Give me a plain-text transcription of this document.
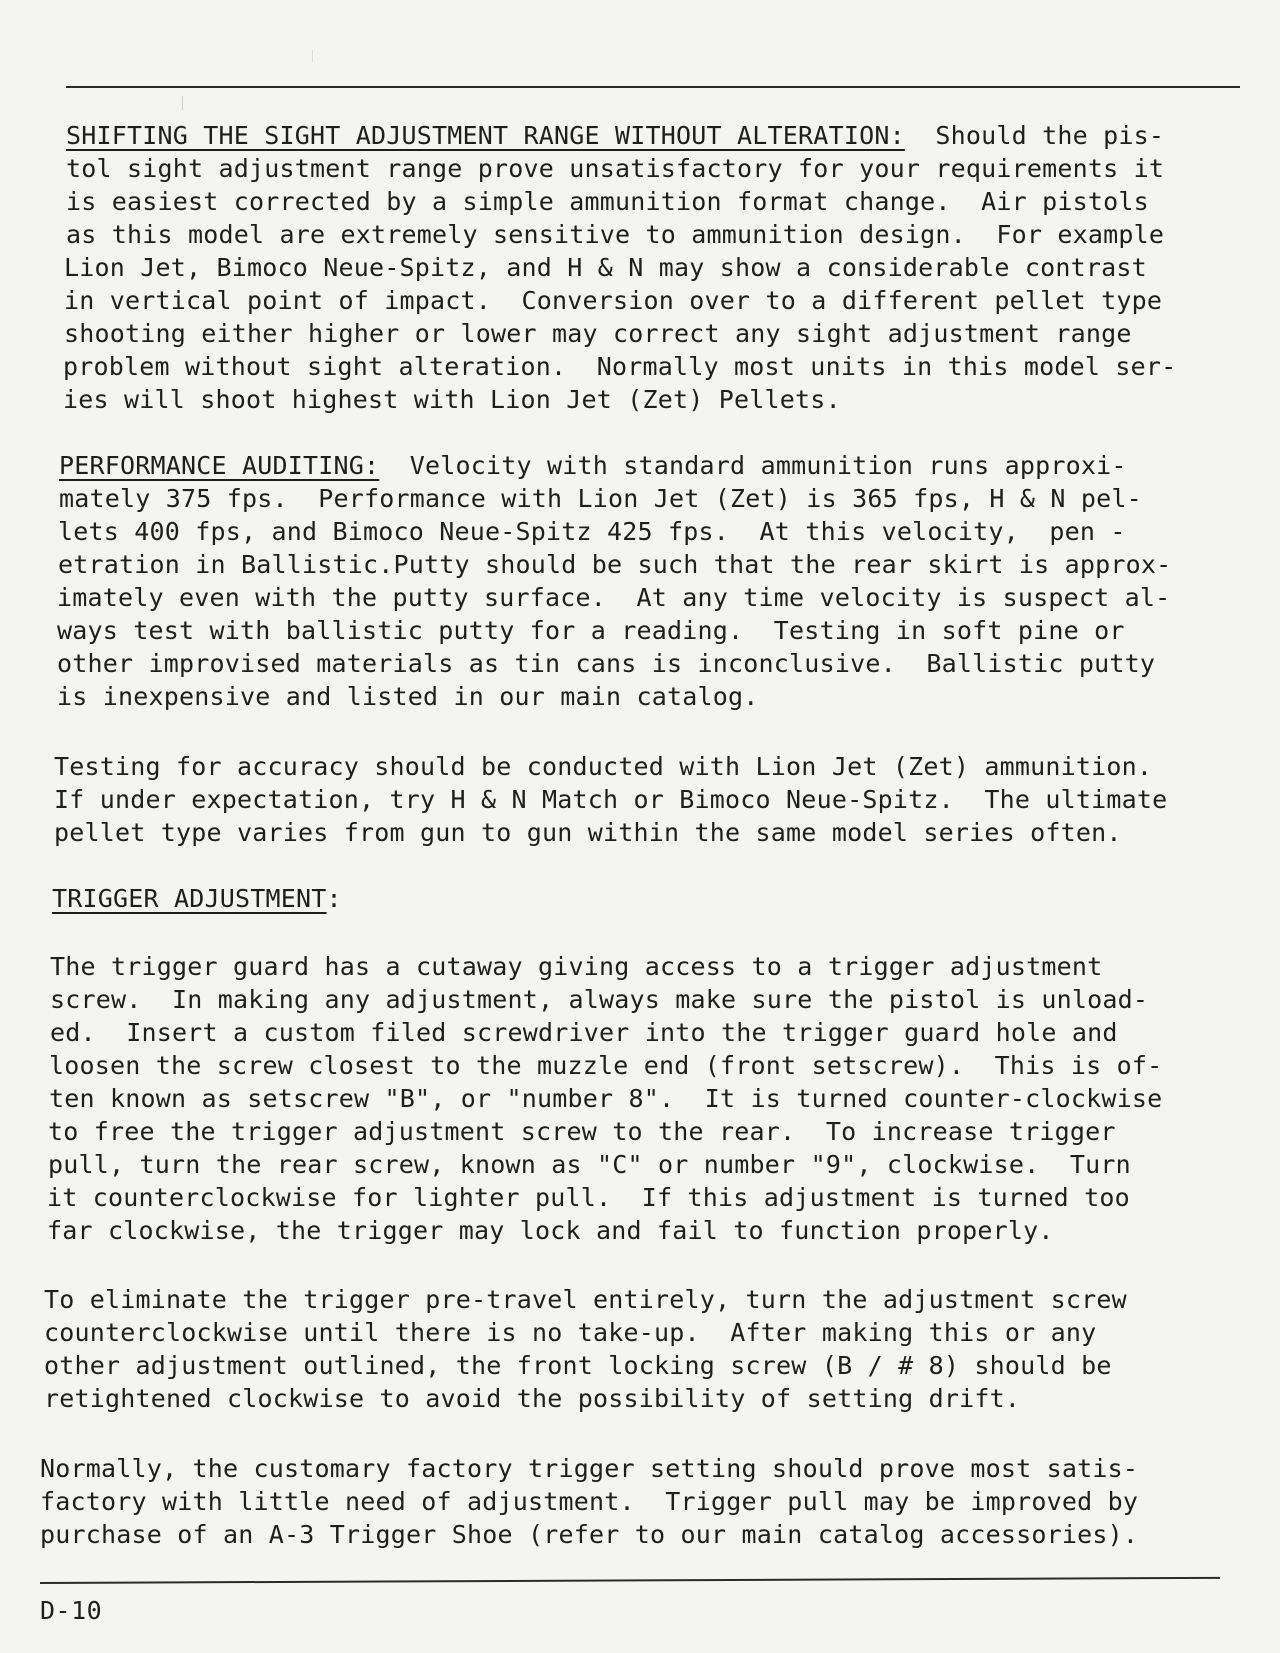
SHIFTING THE SIGHT ADJUSTMENT RANGE WITHOUT ALTERATION:  Should the pis-
tol sight adjustment range prove unsatisfactory for your requirements it
is easiest corrected by a simple ammunition format change.  Air pistols
as this model are extremely sensitive to ammunition design.  For example
Lion Jet, Bimoco Neue-Spitz, and H & N may show a considerable contrast
in vertical point of impact.  Conversion over to a different pellet type
shooting either higher or lower may correct any sight adjustment range
problem without sight alteration.  Normally most units in this model ser-
ies will shoot highest with Lion Jet (Zet) Pellets.
PERFORMANCE AUDITING:  Velocity with standard ammunition runs approxi-
mately 375 fps.  Performance with Lion Jet (Zet) is 365 fps, H & N pel-
lets 400 fps, and Bimoco Neue-Spitz 425 fps.  At this velocity,  pen -
etration in Ballistic.Putty should be such that the rear skirt is approx-
imately even with the putty surface.  At any time velocity is suspect al-
ways test with ballistic putty for a reading.  Testing in soft pine or
other improvised materials as tin cans is inconclusive.  Ballistic putty
is inexpensive and listed in our main catalog.
Testing for accuracy should be conducted with Lion Jet (Zet) ammunition.
If under expectation, try H & N Match or Bimoco Neue-Spitz.  The ultimate
pellet type varies from gun to gun within the same model series often.
TRIGGER ADJUSTMENT:
The trigger guard has a cutaway giving access to a trigger adjustment
screw.  In making any adjustment, always make sure the pistol is unload-
ed.  Insert a custom filed screwdriver into the trigger guard hole and
loosen the screw closest to the muzzle end (front setscrew).  This is of-
ten known as setscrew "B", or "number 8".  It is turned counter-clockwise
to free the trigger adjustment screw to the rear.  To increase trigger
pull, turn the rear screw, known as "C" or number "9", clockwise.  Turn
it counterclockwise for lighter pull.  If this adjustment is turned too
far clockwise, the trigger may lock and fail to function properly.
To eliminate the trigger pre-travel entirely, turn the adjustment screw
counterclockwise until there is no take-up.  After making this or any
other adjustment outlined, the front locking screw (B / # 8) should be
retightened clockwise to avoid the possibility of setting drift.
Normally, the customary factory trigger setting should prove most satis-
factory with little need of adjustment.  Trigger pull may be improved by
purchase of an A-3 Trigger Shoe (refer to our main catalog accessories).
D-10
